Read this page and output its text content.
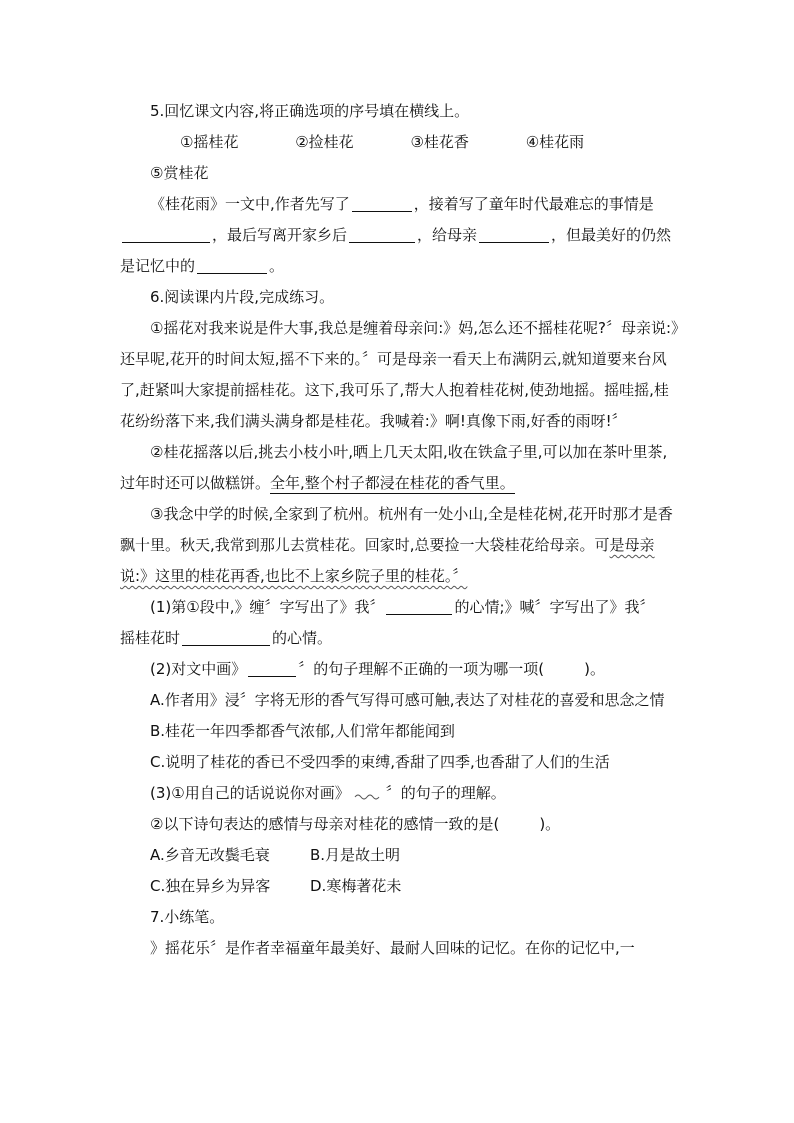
5.回忆课文内容,将正确选项的序号填在横线上。

①摇桂花	②捡桂花	③桂花香	④桂花雨 ⑤赏桂花

《桂花雨》一文中,作者先写了	，接着写了童年时代最难忘的事情是，最后写离开家乡后	，给母亲	，但最美好的仍然是记忆中的	。

6.阅读课内片段,完成练习。

①摇花对我来说是件大事,我总是缠着母亲问:》妈,怎么还不摇桂花呢?〞母亲说:》还早呢,花开的时间太短,摇不下来的。〞可是母亲一看天上布满阴云,就知道要来台风了,赶紧叫大家提前摇桂花。这下,我可乐了,帮大人抱着桂花树,使劲地摇。摇哇摇,桂花纷纷落下来,我们满头满身都是桂花。我喊着:》啊!真像下雨,好香的雨呀!〞

②桂花摇落以后,挑去小枝小叶,晒上几天太阳,收在铁盒子里,可以加在茶叶里茶,过年时还可以做糕饼。全年,整个村子都浸在桂花的香气里。

③我念中学的时候,全家到了杭州。杭州有一处小山,全是桂花树,花开时那才是香飘十里。秋天,我常到那儿去赏桂花。回家时,总要捡一大袋桂花给母亲。可是母亲说:》这里的桂花再香,也比不上家乡院子里的桂花。〞

(1)第①段中,》缠〞字写出了》我〞	的心情;》喊〞字写出了》我〞

摇桂花时	的心情。

(2)对文中画》	〞的句子理解不正确的一项为哪一项(	)。

A.作者用》浸〞字将无形的香气写得可感可触,表达了对桂花的喜爱和思念之情

B.桂花一年四季都香气浓郁,人们常年都能闻到

C.说明了桂花的香已不受四季的束缚,香甜了四季,也香甜了人们的生活

(3)①用自己的话说说你对画》 〞的句子的理解。

②以下诗句表达的感情与母亲对桂花的感情一致的是(	)。

A.乡音无改鬓毛衰	B.月是故土明

C.独在异乡为异客	D.寒梅著花未

7.小练笔。

》摇花乐〞是作者幸福童年最美好、最耐人回味的记忆。在你的记忆中,一
